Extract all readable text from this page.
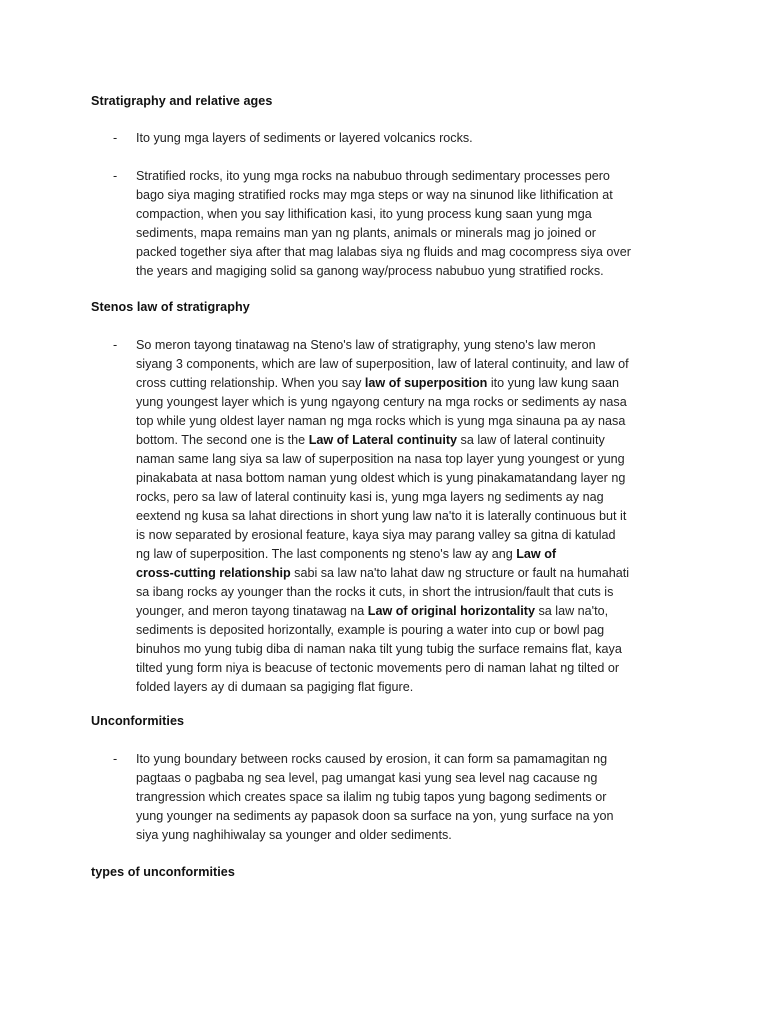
Stratigraphy and relative ages
- Ito yung mga layers of sediments or layered volcanics rocks.
- Stratified rocks, ito yung mga rocks na nabubuo through sedimentary processes pero
bago siya maging stratified rocks may mga steps or way na sinunod like lithification at
compaction, when you say lithification kasi, ito yung process kung saan yung mga
sediments, mapa remains man yan ng plants, animals or minerals mag jo joined or
packed together siya after that mag lalabas siya ng fluids and mag cocompress siya over
the years and magiging solid sa ganong way/process nabubuo yung stratified rocks.
Stenos law of stratigraphy
- So meron tayong tinatawag na Steno's law of stratigraphy, yung steno's law meron
siyang 3 components, which are law of superposition, law of lateral continuity, and law of
cross cutting relationship. When you say law of superposition ito yung law kung saan
yung youngest layer which is yung ngayong century na mga rocks or sediments ay nasa
top while yung oldest layer naman ng mga rocks which is yung mga sinauna pa ay nasa
bottom. The second one is the Law of Lateral continuity sa law of lateral continuity
naman same lang siya sa law of superposition na nasa top layer yung youngest or yung
pinakabata at nasa bottom naman yung oldest which is yung pinakamatandang layer ng
rocks, pero sa law of lateral continuity kasi is, yung mga layers ng sediments ay nag
eextend ng kusa sa lahat directions in short yung law na'to it is laterally continuous but it
is now separated by erosional feature, kaya siya may parang valley sa gitna di katulad
ng law of superposition. The last components ng steno's law ay ang Law of
cross-cutting relationship sabi sa law na'to lahat daw ng structure or fault na humahati
sa ibang rocks ay younger than the rocks it cuts, in short the intrusion/fault that cuts is
younger, and meron tayong tinatawag na Law of original horizontality sa law na'to,
sediments is deposited horizontally, example is pouring a water into cup or bowl pag
binuhos mo yung tubig diba di naman naka tilt yung tubig the surface remains flat, kaya
tilted yung form niya is beacuse of tectonic movements pero di naman lahat ng tilted or
folded layers ay di dumaan sa pagiging flat figure.
Unconformities
- Ito yung boundary between rocks caused by erosion, it can form sa pamamagitan ng
pagtaas o pagbaba ng sea level, pag umangat kasi yung sea level nag cacause ng
trangression which creates space sa ilalim ng tubig tapos yung bagong sediments or
yung younger na sediments ay papasok doon sa surface na yon, yung surface na yon
siya yung naghihiwalay sa younger and older sediments.
types of unconformities
